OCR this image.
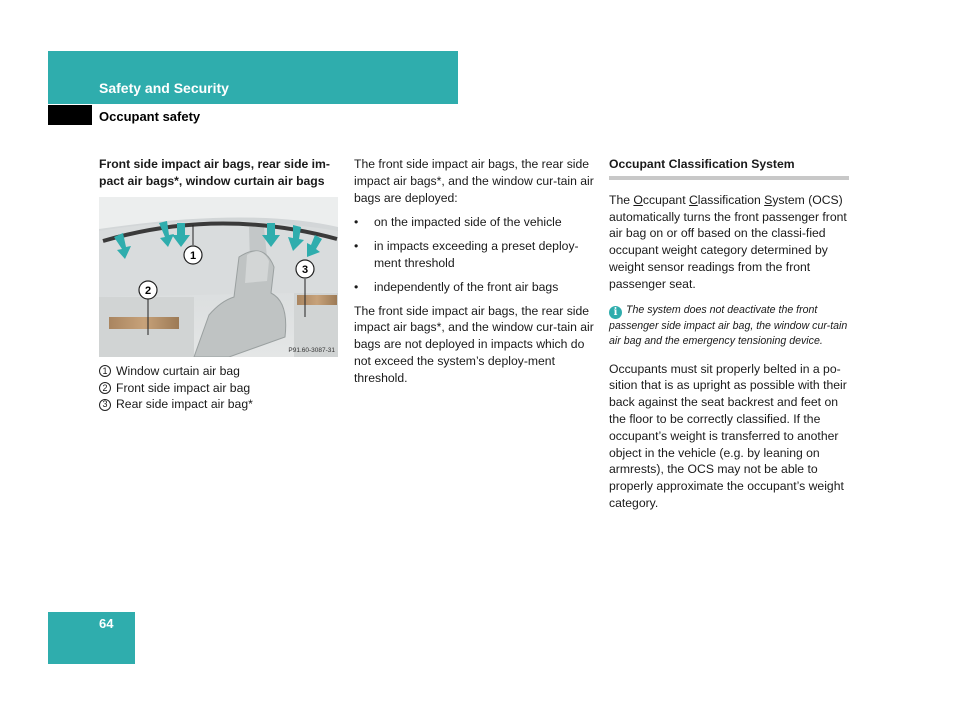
Safety and Security
Occupant safety

Front side impact air bags, rear side im-pact air bags*, window curtain air bags

1
2
3
P91.60-3087-31
1 Window curtain air bag
2 Front side impact air bag
3 Rear side impact air bag*

The front side impact air bags, the rear side impact air bags*, and the window cur-tain air bags are deployed:

• on the impacted side of the vehicle
• in impacts exceeding a preset deploy-ment threshold
• independently of the front air bags

The front side impact air bags, the rear side impact air bags*, and the window cur-tain air bags are not deployed in impacts which do not exceed the system’s deploy-ment threshold.

Occupant Classification System

The Occupant Classification System (OCS) automatically turns the front passenger front air bag on or off based on the classi-fied occupant weight category determined by weight sensor readings from the front passenger seat.

i The system does not deactivate the front passenger side impact air bag, the window cur-tain air bag and the emergency tensioning device.

Occupants must sit properly belted in a po-sition that is as upright as possible with their back against the seat backrest and feet on the floor to be correctly classified. If the occupant’s weight is transferred to another object in the vehicle (e.g. by leaning on armrests), the OCS may not be able to properly approximate the occupant’s weight category.

64
